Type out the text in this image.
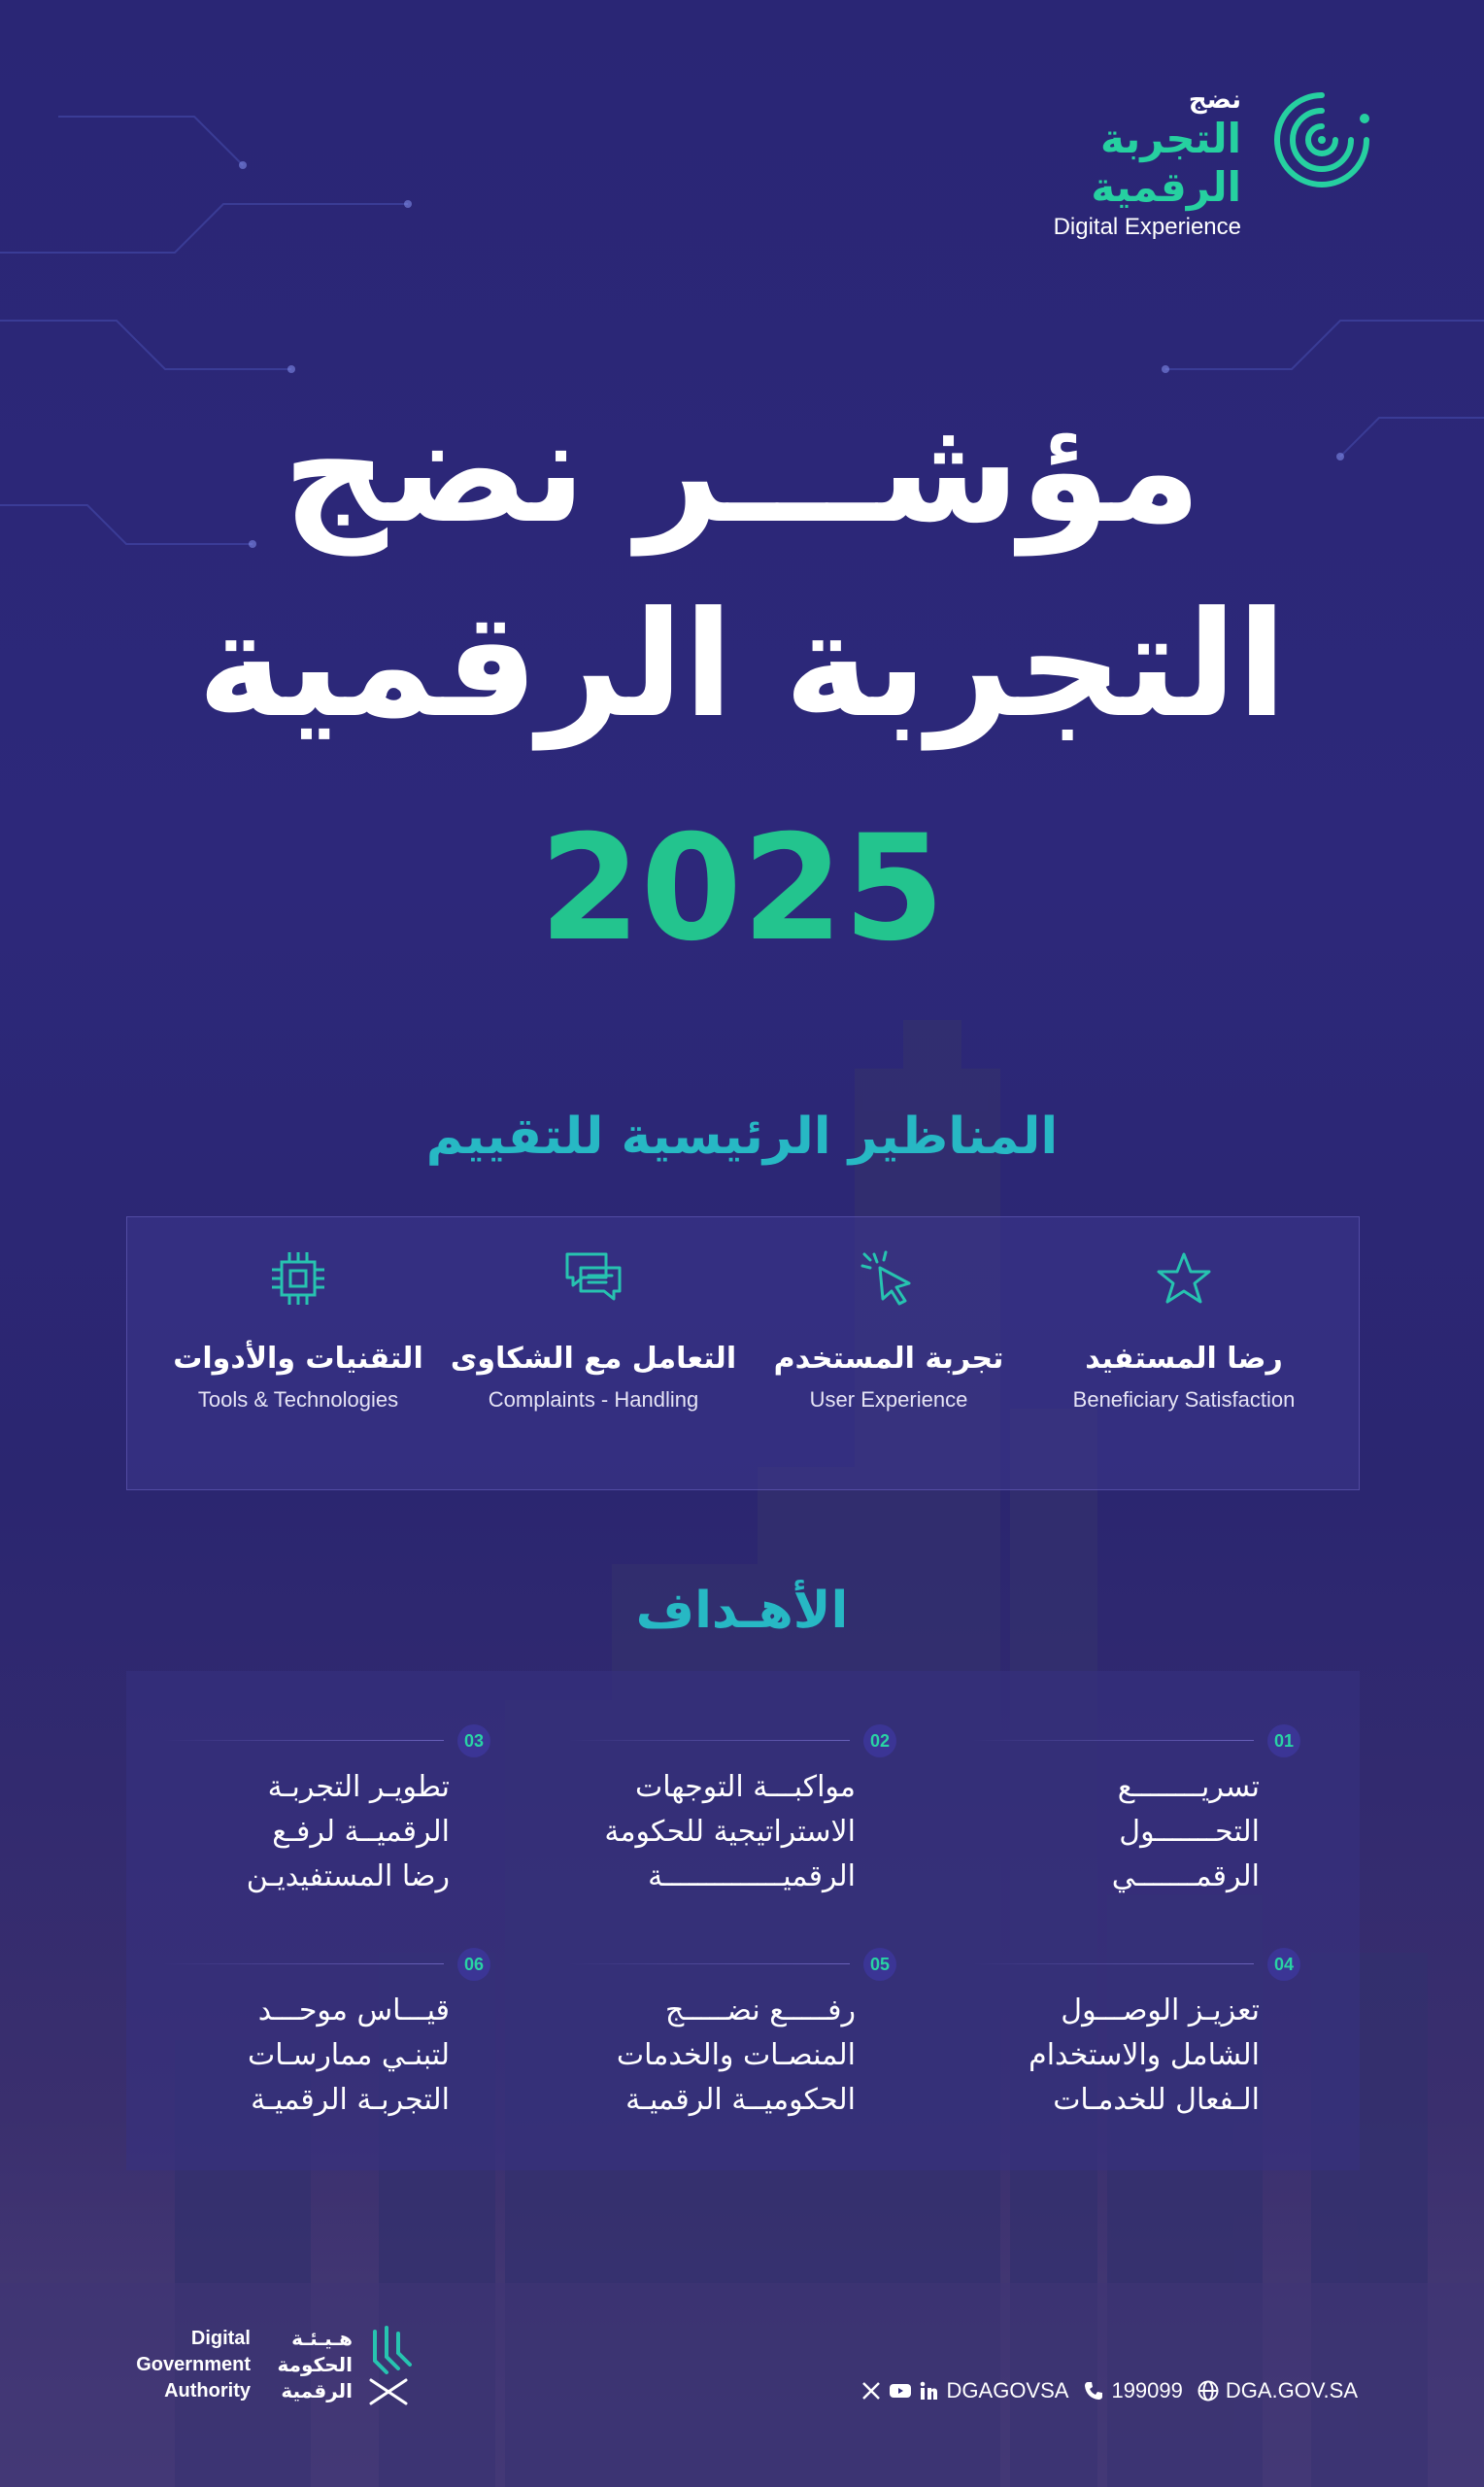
نضج
التجربة الرقمية
Digital Experience
مؤشـــر نضج
التجربة الرقمية
2025
المناظير الرئيسية للتقييم
رضا المستفيد
Beneficiary Satisfaction
تجربة المستخدم
User Experience
التعامل مع الشكاوى
Complaints - Handling
التقنيات والأدوات
Tools & Technologies
الأهـداف
01
تسريــــــــع
التحـــــــول
الرقمـــــــي
02
مواكبـــة التوجهات
الاستراتيجية للحكومة
الرقميــــــــــــــة
03
تطويـر التجربـة
الرقميــة لرفـع
رضا المستفيديـن
04
تعزيـز الوصـــول
الشامل والاستخدام
الـفعال للخدمـات
05
رفـــــع نضـــــج
المنصـات والخدمات
الحكوميــة الرقميـة
06
قيـــاس موحـــد
لتبنـي ممارسـات
التجربـة الرقميـة
Digital
Government
Authority
هـيـئـة
الحكومة
الرقمية	DGAGOVSA 199099 DGA.GOV.SA
